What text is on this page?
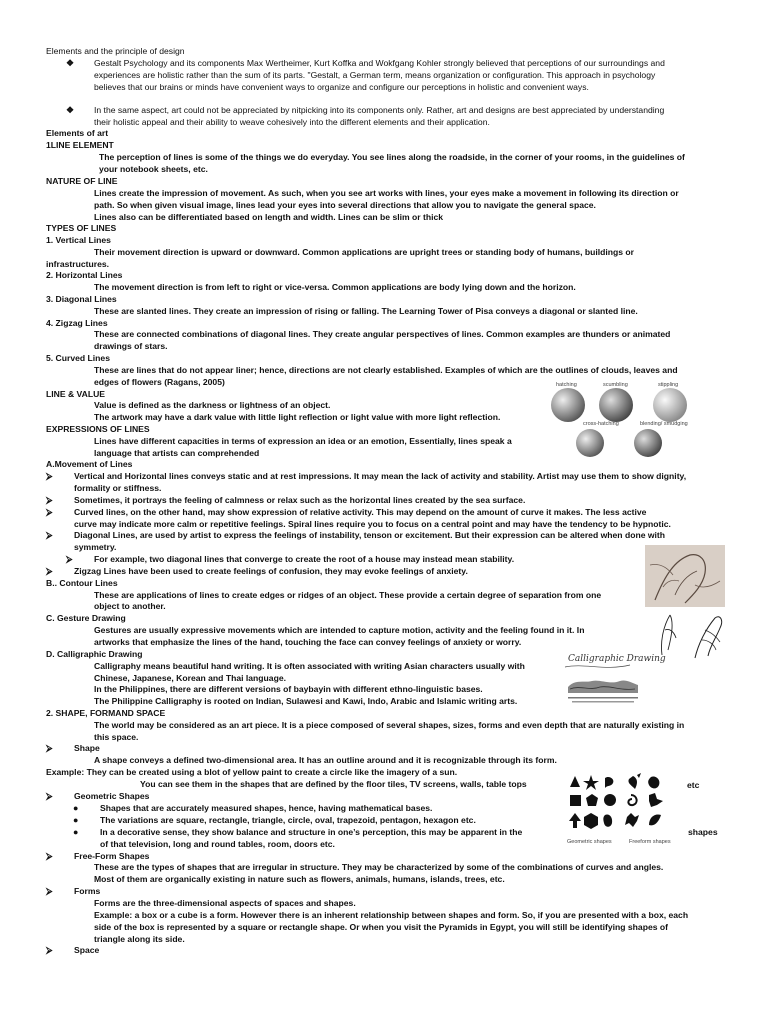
Elements and the principle of design
Gestalt Psychology and its components Max Wertheimer, Kurt Koffka and Wokfgang Kohler strongly believed that perceptions of our surroundings and
❖
experiences are holistic rather than the sum of its parts. "Gestalt, a German term, means organization or configuration. This approach in psychology
believes that our brains or minds have convenient ways to organize and configure our perceptions in holistic and convenient ways.
In the same aspect, art could not be appreciated by nitpicking into its components only. Rather, art and designs are best appreciated by understanding
❖
their holistic appeal and their ability to weave cohesively into the different elements and their application.
Elements of art
1LINE ELEMENT
The perception of lines is some of the things we do everyday. You see lines along the roadside, in the corner of your rooms, in the guidelines of
your notebook sheets, etc.
NATURE OF LINE
Lines create the impression of movement. As such, when you see art works with lines, your eyes make a movement in following its direction or
path. So when given visual image, lines lead your eyes into several directions that allow you to navigate the general space.
Lines also can be differentiated based on length and width. Lines can be slim or thick
TYPES OF LINES
1. Vertical Lines
Their movement direction is upward or downward. Common applications are upright trees or standing body of humans, buildings or
infrastructures.
2. Horizontal Lines
The movement direction is from left to right or vice-versa. Common applications are body lying down and the horizon.
3. Diagonal Lines
These are slanted lines. They create an impression of rising or falling. The Learning Tower of Pisa conveys a diagonal or slanted line.
4. Zigzag Lines
These are connected combinations of diagonal lines. They create angular perspectives of lines. Common examples are thunders or animated
drawings of stars.
5. Curved Lines
These are lines that do not appear liner; hence, directions are not clearly established. Examples of which are the outlines of clouds, leaves and
edges of flowers (Ragans, 2005)
LINE & VALUE
Value is defined as the darkness or lightness of an object.
The artwork may have a dark value with little light reflection or light value with more light reflection.
EXPRESSIONS OF LINES
Lines have different capacities in terms of expression an idea or an emotion, Essentially, lines speak a
language that artists can comprehended
A.Movement of Lines
Vertical and Horizontal lines conveys static and at rest impressions. It may mean the lack of activity and stability. Artist may use them to show dignity,
⮚
formality or stiffness.
Sometimes, it portrays the feeling of calmness or relax such as the horizontal lines created by the sea surface.
⮚
Curved lines, on the other hand, may show expression of relative activity. This may depend on the amount of curve it makes. The less active
⮚
curve may indicate more calm or repetitive feelings. Spiral lines require you to focus on a central point and may have the tendency to be hypnotic.
Diagonal Lines, are used by artist to express the feelings of instability, tenson or excitement. But their expression can be altered when done with
⮚
symmetry.
For example, two diagonal lines that converge to create the root of a house may instead mean stability.
⮚
Zigzag Lines have been used to create feelings of confusion, they may evoke feelings of anxiety.
⮚
B.. Contour Lines
These are applications of lines to create edges or ridges of an object. These provide a certain degree of separation from one
object to another.
C. Gesture Drawing
Gestures are usually expressive movements which are intended to capture motion, activity and the feeling found in it. In
artworks that emphasize the lines of the hand, touching the face can convey feelings of anxiety or worry.
D. Calligraphic Drawing
Calligraphy means beautiful hand writing. It is often associated with writing Asian characters usually with
Chinese, Japanese, Korean and Thai language.
In the Philippines, there are different versions of baybayin with different ethno-linguistic bases.
The Philippine Calligraphy is rooted on Indian, Sulawesi and Kawi, Indo, Arabic and Islamic writing arts.
2. SHAPE, FORMAND SPACE
The world may be considered as an art piece. It is a piece composed of several shapes, sizes, forms and even depth that are naturally existing in
this space.
Shape
⮚
A shape conveys a defined two-dimensional area. It has an outline around and it is recognizable through its form.
Example: They can be created using a blot of yellow paint to create a circle like the imagery of a sun.
You can see them in the shapes that are defined by the floor tiles, TV screens, walls, table tops
Geometric Shapes
⮚
Shapes that are accurately measured shapes, hence, having mathematical bases.
●
The variations are square, rectangle, triangle, circle, oval, trapezoid, pentagon, hexagon etc.
●
In a decorative sense, they show balance and structure in one’s perception, this may be apparent in the
●
of that television, long and round tables, room, doors etc.
Free-Form Shapes
⮚
These are the types of shapes that are irregular in structure. They may be characterized by some of the combinations of curves and angles.
Most of them are organically existing in nature such as flowers, animals, humans, islands, trees, etc.
Forms
⮚
Forms are the three-dimensional aspects of spaces and shapes.
Example: a box or a cube is a form. However there is an inherent relationship between shapes and form. So, if you are presented with a box, each
side of the box is represented by a square or rectangle shape. Or when you visit the Pyramids in Egypt, you will still be identifying shapes of
triangle along its side.
Space
⮚
etc
shapes
hatching	scumbling	stippling
cross-hatching	blending/ smudging
Calligraphic Drawing
Geometric shapes	Freeform shapes
